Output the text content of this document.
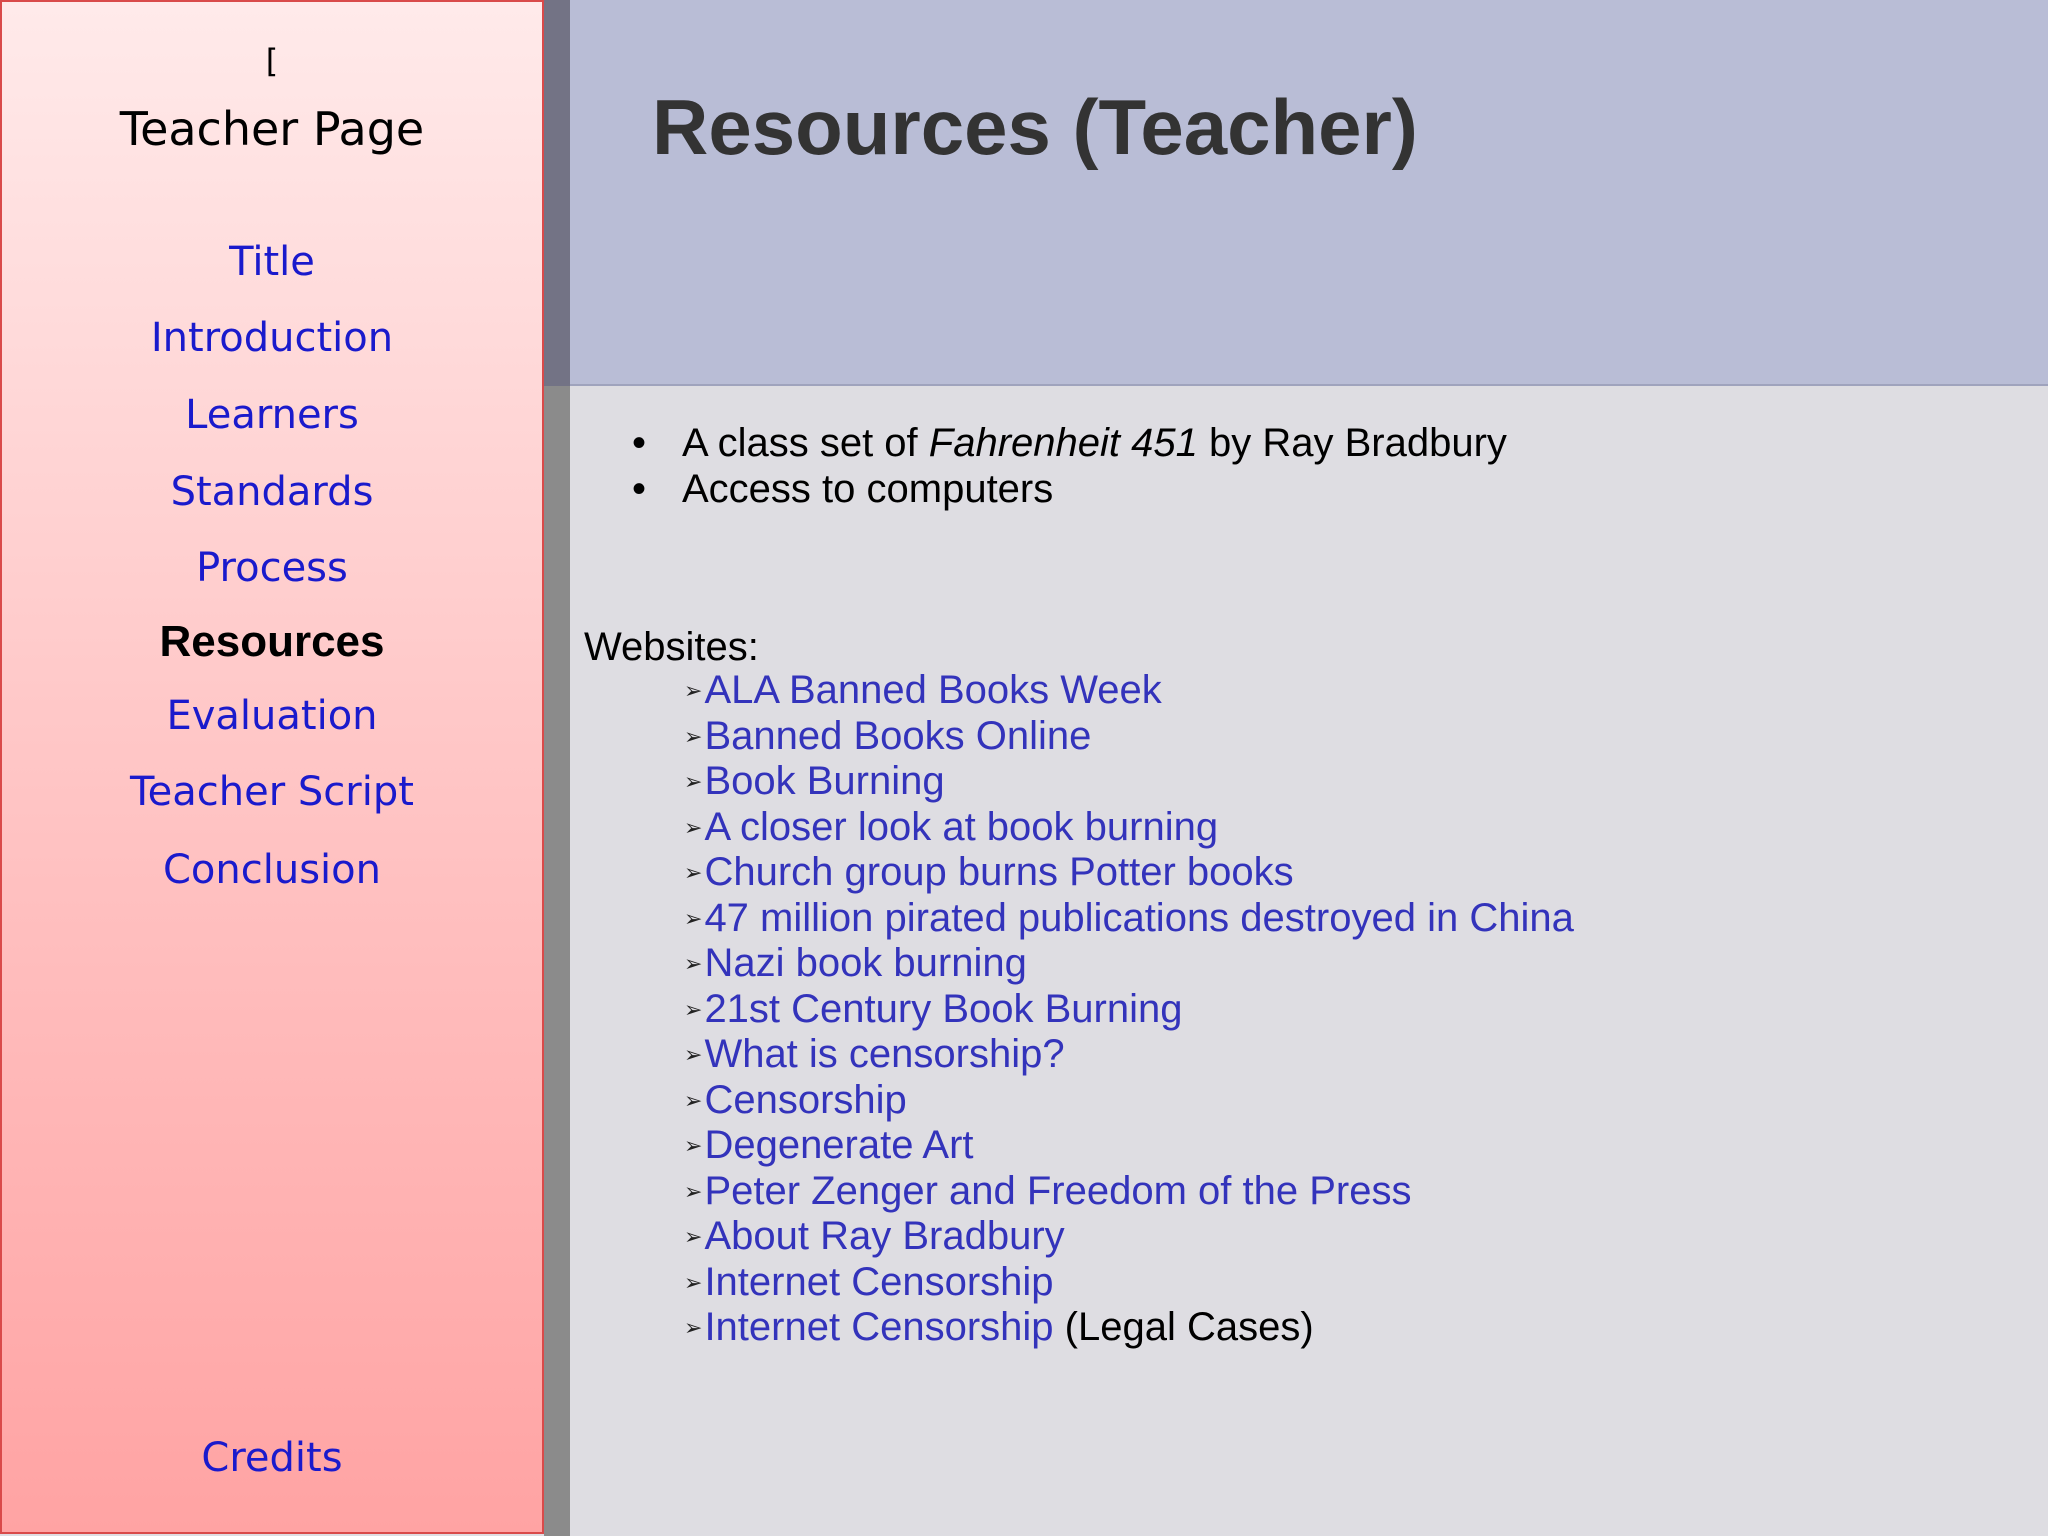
[
Teacher Page
Title
Introduction
Learners
Standards
Process
Resources
Evaluation
Teacher Script
Conclusion
Credits
Resources (Teacher)
• A class set of Fahrenheit 451 by Ray Bradbury
• Access to computers
Websites:
➢ALA Banned Books Week
➢Banned Books Online
➢Book Burning
➢A closer look at book burning
➢Church group burns Potter books
➢47 million pirated publications destroyed in China
➢Nazi book burning
➢21st Century Book Burning
➢What is censorship?
➢Censorship
➢Degenerate Art
➢Peter Zenger and Freedom of the Press
➢About Ray Bradbury
➢Internet Censorship
➢Internet Censorship (Legal Cases)
